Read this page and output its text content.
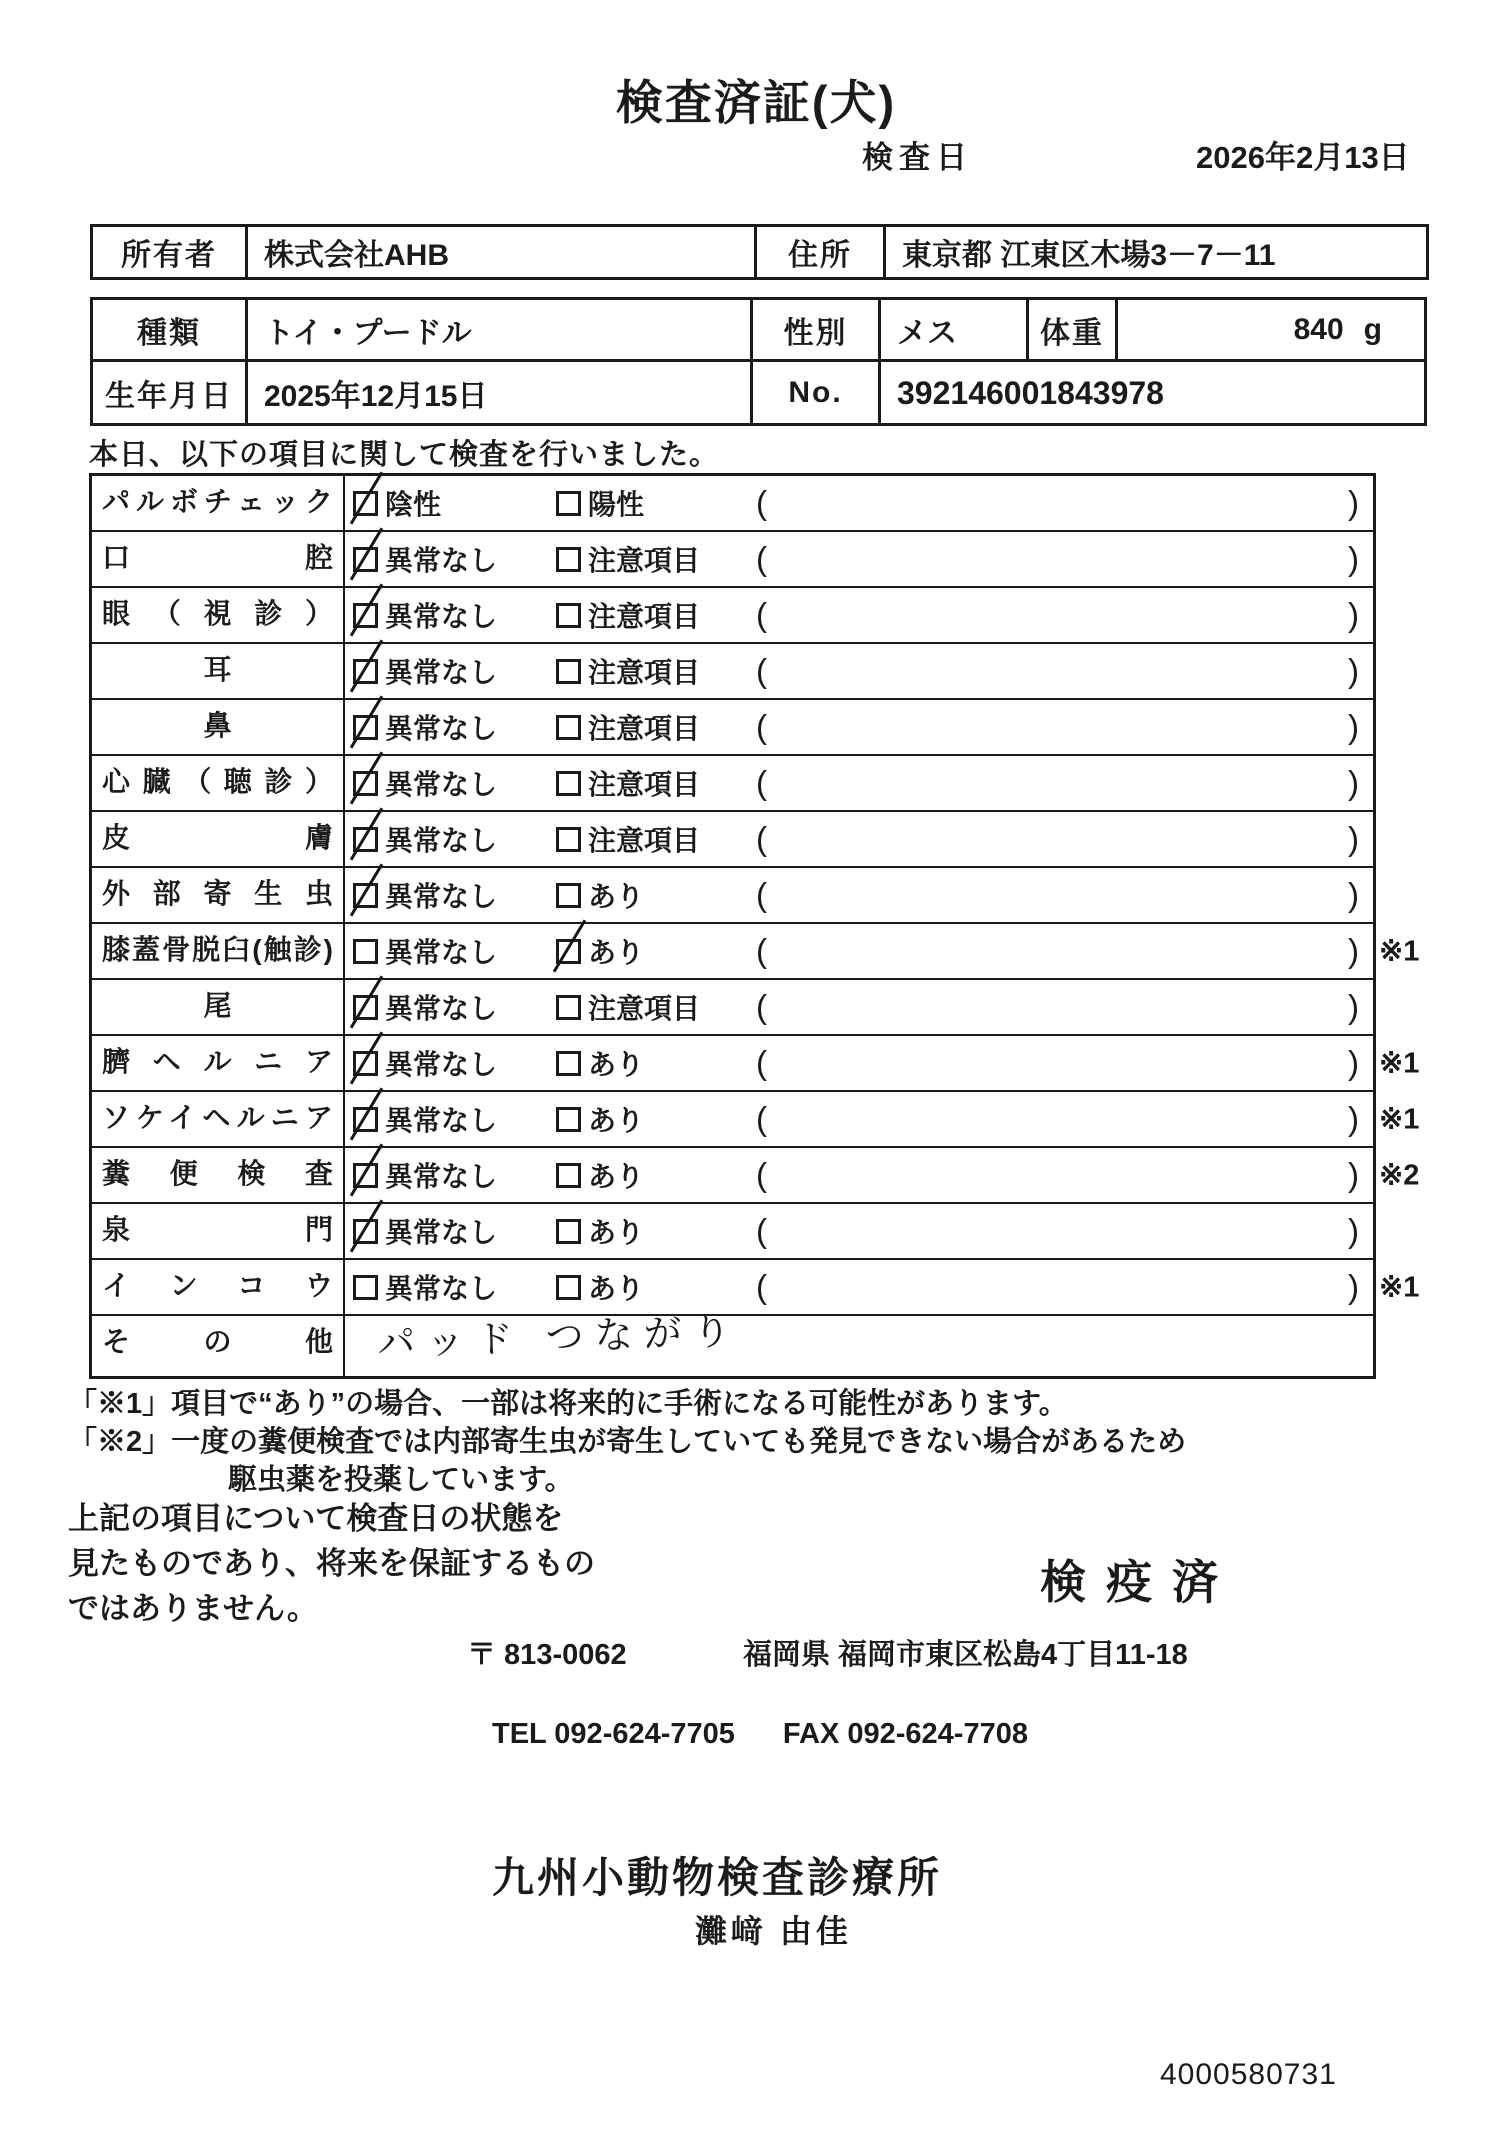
検査済証(犬)
検査日	2026年2月13日
所有者	株式会社AHB	住所	東京都 江東区木場3－7－11
種類	トイ・プードル	性別	メス	体重	840 g
生年月日	2025年12月15日	No.	392146001843978
本日、以下の項目に関して検査を行いました。
パルボチェック	陰性	陽性	(	)
口腔	異常なし	注意項目 (	)
眼（視診）	異常なし	注意項目 (	)
耳	異常なし	注意項目 (	)
鼻	異常なし	注意項目 (	)
心臓（聴診）	異常なし	注意項目 (	)
皮膚	異常なし	注意項目 (	)
外部寄生虫	異常なし	あり	(	)
膝蓋骨脱臼(触診)	異常なし	あり	(	) ※1
尾	異常なし	注意項目 (	)
臍ヘルニア	異常なし	あり	(	) ※1
ソケイヘルニア	異常なし	あり	(	) ※1
糞便検査	異常なし	あり	(	) ※2
泉門	異常なし	あり	(	)
インコウ	異常なし	あり	(	) ※1
その他	パッド つながり
「※1」項目で“あり”の場合、一部は将来的に手術になる可能性があります。
「※2」一度の糞便検査では内部寄生虫が寄生していても発見できない場合があるため
駆虫薬を投薬しています。
上記の項目について検査日の状態を
見たものであり、将来を保証するもの
ではありません。
検疫済
〒 813-0062	福岡県 福岡市東区松島4丁目11-18
TEL 092-624-7705 FAX 092-624-7708
九州小動物検査診療所
灘﨑 由佳
4000580731
